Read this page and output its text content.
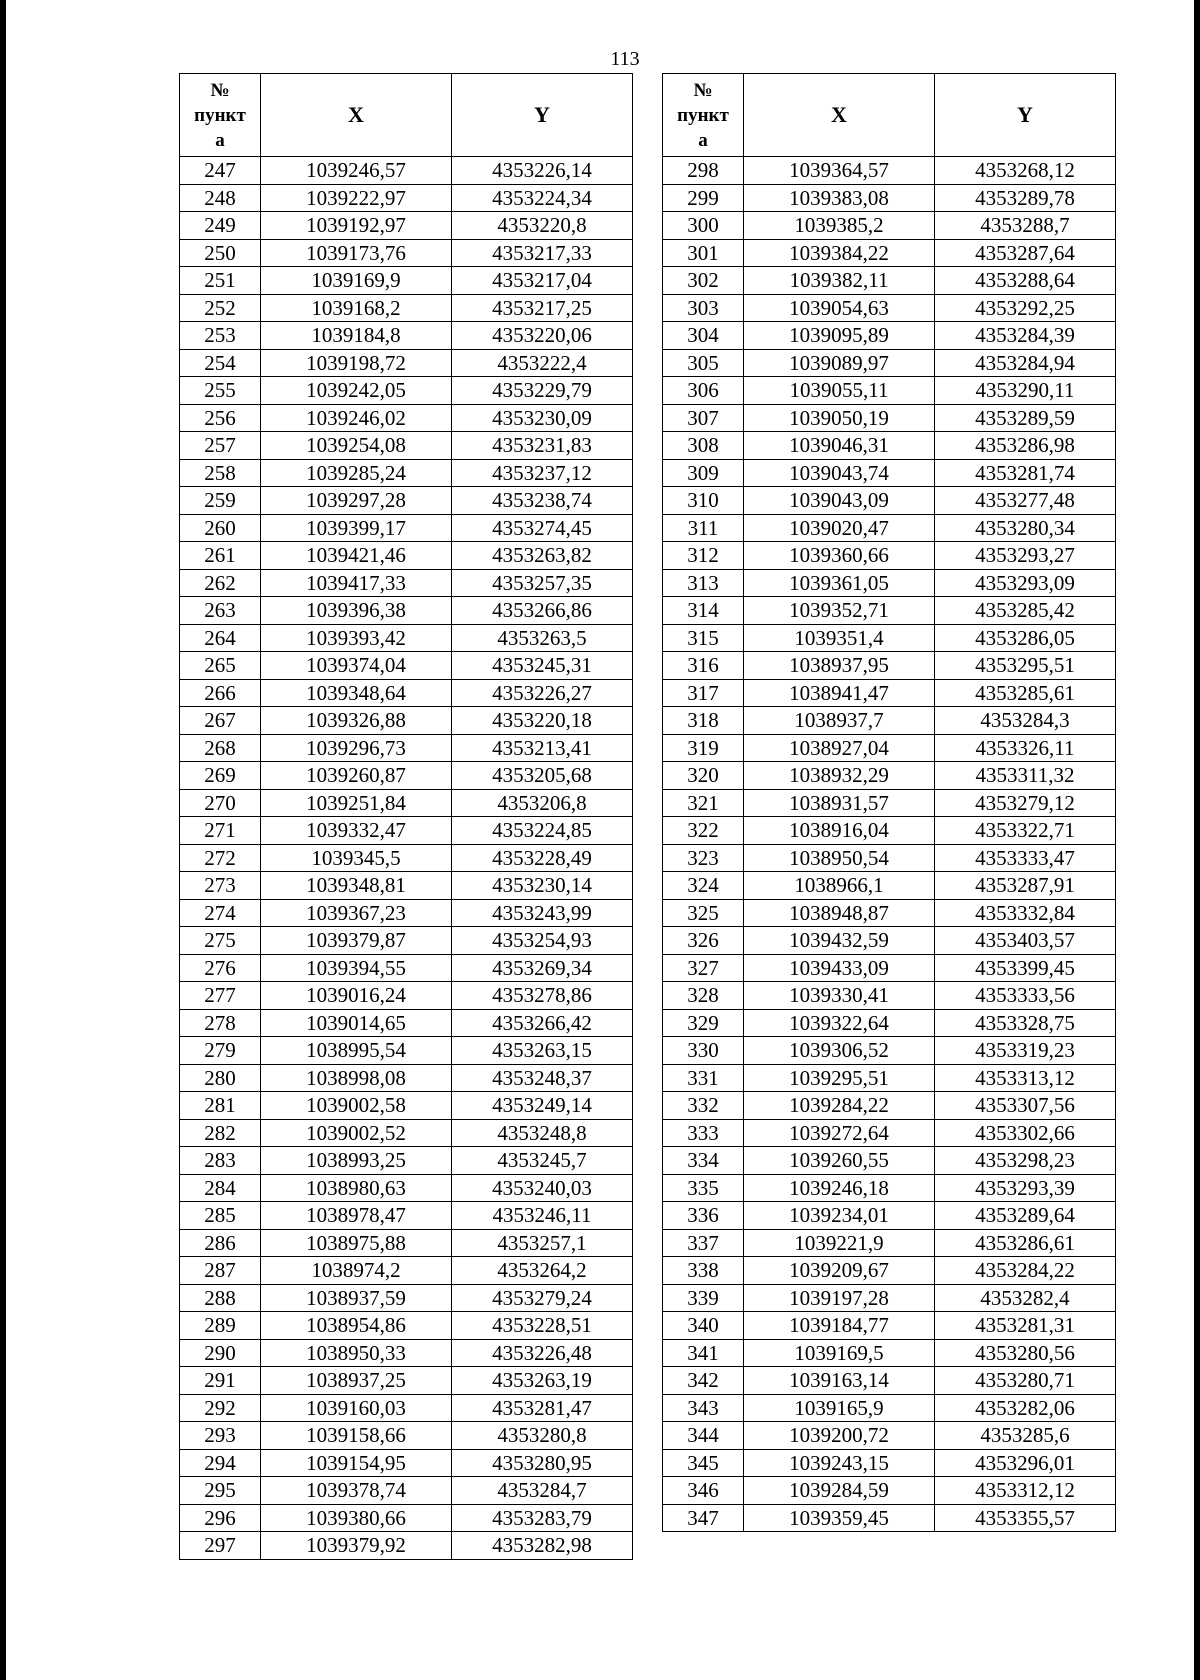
113
№
пункт
а	X	Y
247	1039246,57	4353226,14
248	1039222,97	4353224,34
249	1039192,97	4353220,8
250	1039173,76	4353217,33
251	1039169,9	4353217,04
252	1039168,2	4353217,25
253	1039184,8	4353220,06
254	1039198,72	4353222,4
255	1039242,05	4353229,79
256	1039246,02	4353230,09
257	1039254,08	4353231,83
258	1039285,24	4353237,12
259	1039297,28	4353238,74
260	1039399,17	4353274,45
261	1039421,46	4353263,82
262	1039417,33	4353257,35
263	1039396,38	4353266,86
264	1039393,42	4353263,5
265	1039374,04	4353245,31
266	1039348,64	4353226,27
267	1039326,88	4353220,18
268	1039296,73	4353213,41
269	1039260,87	4353205,68
270	1039251,84	4353206,8
271	1039332,47	4353224,85
272	1039345,5	4353228,49
273	1039348,81	4353230,14
274	1039367,23	4353243,99
275	1039379,87	4353254,93
276	1039394,55	4353269,34
277	1039016,24	4353278,86
278	1039014,65	4353266,42
279	1038995,54	4353263,15
280	1038998,08	4353248,37
281	1039002,58	4353249,14
282	1039002,52	4353248,8
283	1038993,25	4353245,7
284	1038980,63	4353240,03
285	1038978,47	4353246,11
286	1038975,88	4353257,1
287	1038974,2	4353264,2
288	1038937,59	4353279,24
289	1038954,86	4353228,51
290	1038950,33	4353226,48
291	1038937,25	4353263,19
292	1039160,03	4353281,47
293	1039158,66	4353280,8
294	1039154,95	4353280,95
295	1039378,74	4353284,7
296	1039380,66	4353283,79
297	1039379,92	4353282,98
№
пункт
а	X	Y
298	1039364,57	4353268,12
299	1039383,08	4353289,78
300	1039385,2	4353288,7
301	1039384,22	4353287,64
302	1039382,11	4353288,64
303	1039054,63	4353292,25
304	1039095,89	4353284,39
305	1039089,97	4353284,94
306	1039055,11	4353290,11
307	1039050,19	4353289,59
308	1039046,31	4353286,98
309	1039043,74	4353281,74
310	1039043,09	4353277,48
311	1039020,47	4353280,34
312	1039360,66	4353293,27
313	1039361,05	4353293,09
314	1039352,71	4353285,42
315	1039351,4	4353286,05
316	1038937,95	4353295,51
317	1038941,47	4353285,61
318	1038937,7	4353284,3
319	1038927,04	4353326,11
320	1038932,29	4353311,32
321	1038931,57	4353279,12
322	1038916,04	4353322,71
323	1038950,54	4353333,47
324	1038966,1	4353287,91
325	1038948,87	4353332,84
326	1039432,59	4353403,57
327	1039433,09	4353399,45
328	1039330,41	4353333,56
329	1039322,64	4353328,75
330	1039306,52	4353319,23
331	1039295,51	4353313,12
332	1039284,22	4353307,56
333	1039272,64	4353302,66
334	1039260,55	4353298,23
335	1039246,18	4353293,39
336	1039234,01	4353289,64
337	1039221,9	4353286,61
338	1039209,67	4353284,22
339	1039197,28	4353282,4
340	1039184,77	4353281,31
341	1039169,5	4353280,56
342	1039163,14	4353280,71
343	1039165,9	4353282,06
344	1039200,72	4353285,6
345	1039243,15	4353296,01
346	1039284,59	4353312,12
347	1039359,45	4353355,57
